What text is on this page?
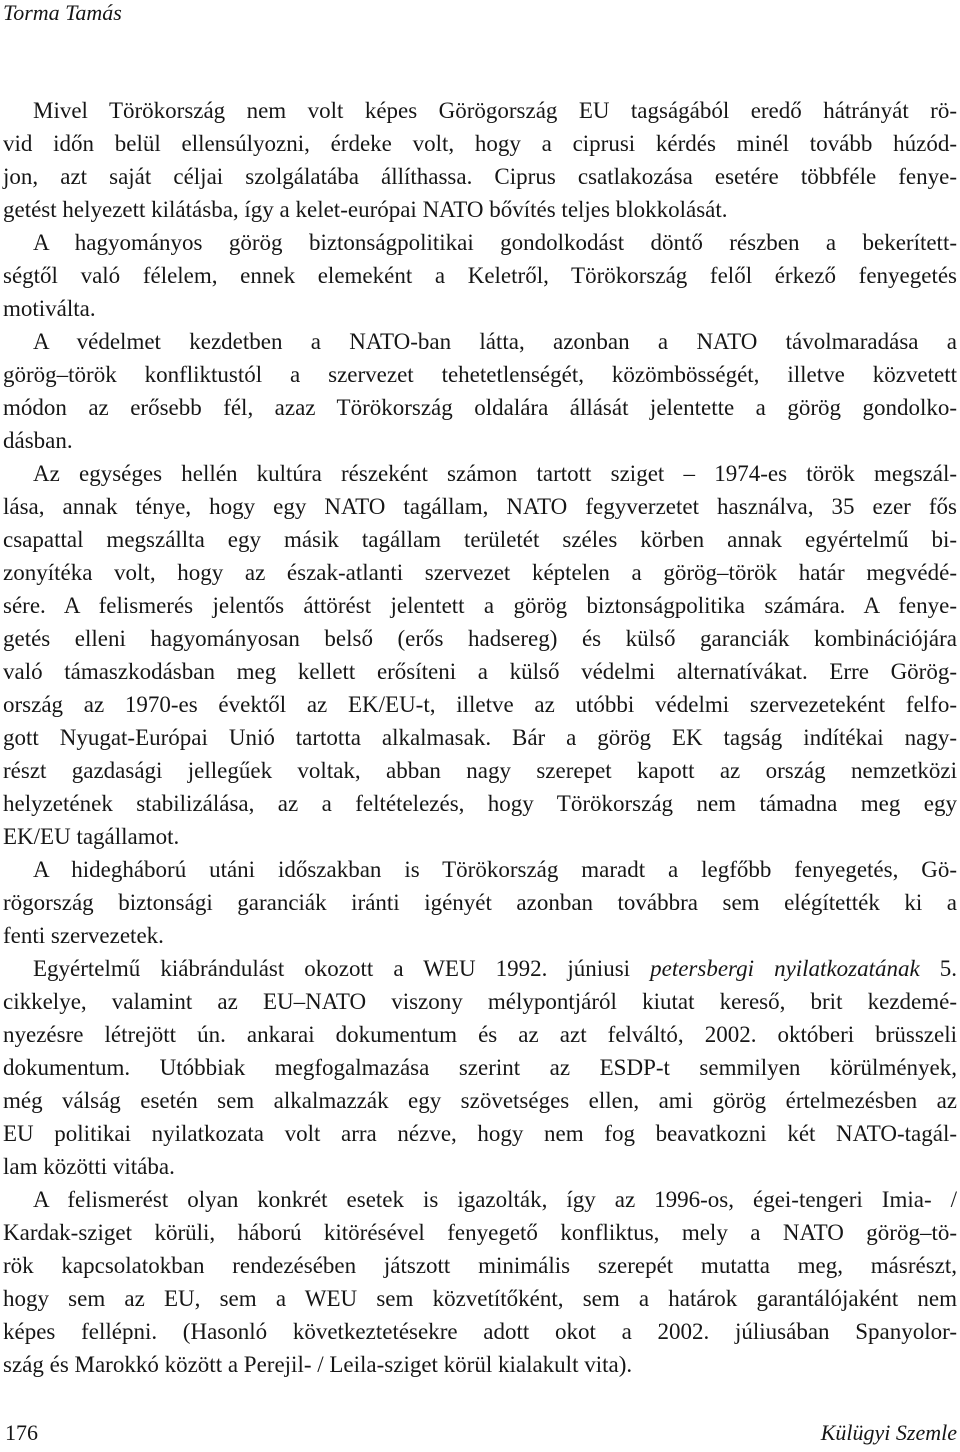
Torma Tamás
Mivel Törökország nem volt képes Görögország EU tagságából eredő hátrányát rö-
vid időn belül ellensúlyozni, érdeke volt, hogy a ciprusi kérdés minél tovább húzód-
jon, azt saját céljai szolgálatába állíthassa. Ciprus csatlakozása esetére többféle fenye-
getést helyezett kilátásba, így a kelet-európai NATO bővítés teljes blokkolását.
A hagyományos görög biztonságpolitikai gondolkodást döntő részben a bekerített-
ségtől való félelem, ennek elemeként a Keletről, Törökország felől érkező fenyegetés
motiválta.
A védelmet kezdetben a NATO-ban látta, azonban a NATO távolmaradása a
görög–török konfliktustól a szervezet tehetetlenségét, közömbösségét, illetve közvetett
módon az erősebb fél, azaz Törökország oldalára állását jelentette a görög gondolko-
dásban.
Az egységes hellén kultúra részeként számon tartott sziget – 1974-es török megszál-
lása, annak ténye, hogy egy NATO tagállam, NATO fegyverzetet használva, 35 ezer fős
csapattal megszállta egy másik tagállam területét széles körben annak egyértelmű bi-
zonyítéka volt, hogy az észak-atlanti szervezet képtelen a görög–török határ megvédé-
sére. A felismerés jelentős áttörést jelentett a görög biztonságpolitika számára. A fenye-
getés elleni hagyományosan belső (erős hadsereg) és külső garanciák kombinációjára
való támaszkodásban meg kellett erősíteni a külső védelmi alternatívákat. Erre Görög-
ország az 1970-es évektől az EK/EU-t, illetve az utóbbi védelmi szervezeteként felfo-
gott Nyugat-Európai Unió tartotta alkalmasak. Bár a görög EK tagság indítékai nagy-
részt gazdasági jellegűek voltak, abban nagy szerepet kapott az ország nemzetközi
helyzetének stabilizálása, az a feltételezés, hogy Törökország nem támadna meg egy
EK/EU tagállamot.
A hidegháború utáni időszakban is Törökország maradt a legfőbb fenyegetés, Gö-
rögország biztonsági garanciák iránti igényét azonban továbbra sem elégítették ki a
fenti szervezetek.
Egyértelmű kiábrándulást okozott a WEU 1992. júniusi petersbergi nyilatkozatának 5.
cikkelye, valamint az EU–NATO viszony mélypontjáról kiutat kereső, brit kezdemé-
nyezésre létrejött ún. ankarai dokumentum és az azt felváltó, 2002. októberi brüsszeli
dokumentum. Utóbbiak megfogalmazása szerint az ESDP-t semmilyen körülmények,
még válság esetén sem alkalmazzák egy szövetséges ellen, ami görög értelmezésben az
EU politikai nyilatkozata volt arra nézve, hogy nem fog beavatkozni két NATO-tagál-
lam közötti vitába.
A felismerést olyan konkrét esetek is igazolták, így az 1996-os, égei-tengeri Imia- /
Kardak-sziget körüli, háború kitörésével fenyegető konfliktus, mely a NATO görög–tö-
rök kapcsolatokban rendezésében játszott minimális szerepét mutatta meg, másrészt,
hogy sem az EU, sem a WEU sem közvetítőként, sem a határok garantálójaként nem
képes fellépni. (Hasonló következtetésekre adott okot a 2002. júliusában Spanyolor-
szág és Marokkó között a Perejil- / Leila-sziget körül kialakult vita).
176	Külügyi Szemle
